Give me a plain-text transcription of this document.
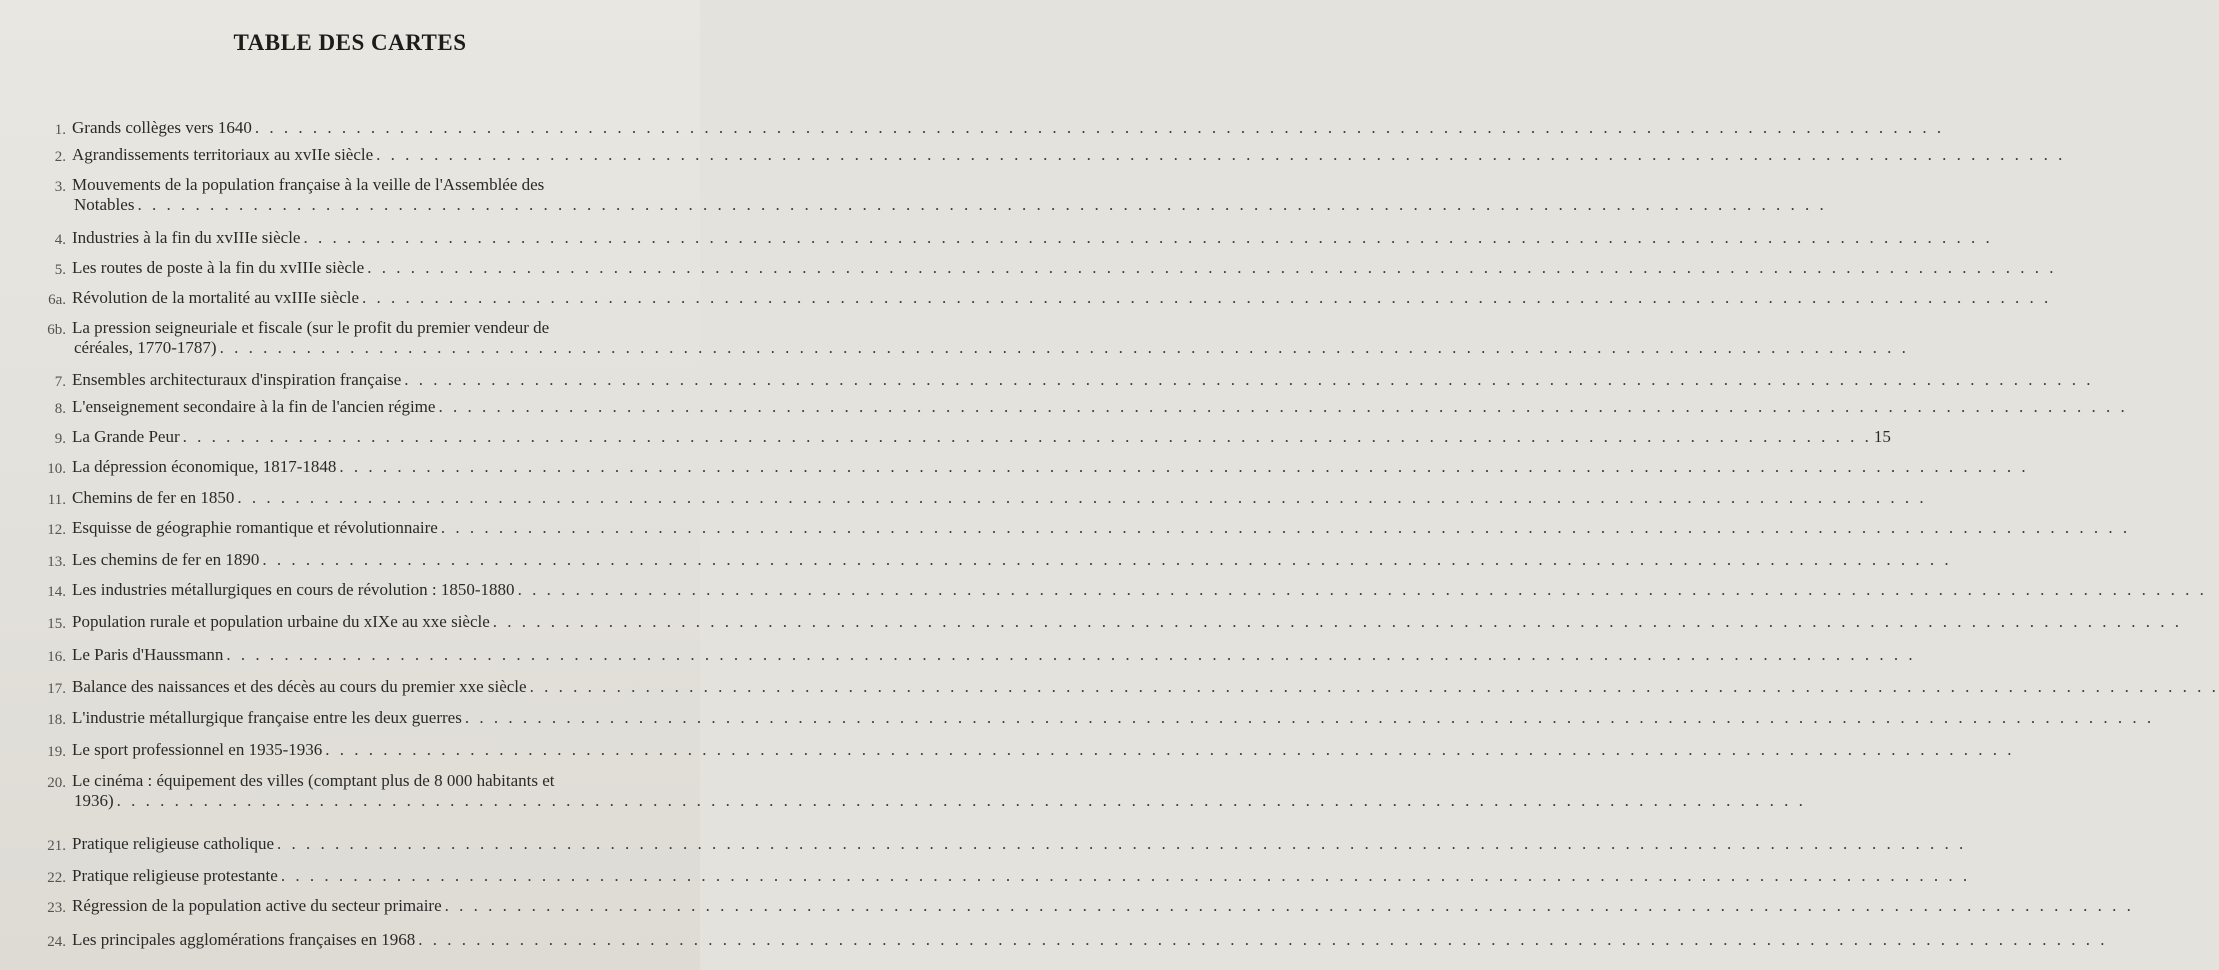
TABLE DES CARTES
1. Grands collèges vers 1640 . . . . . . . . . . . . . . . . . . . . . . . . . . . . . . . . . . . . . . . . . . . . . . . . . . . . . . . . . . . . . . . . . . . . . . . . . . . . . . . . . . . . . . . . . . . . . . . . . . . . . . . . . . . . . . . . . . . . .
2. Agrandissements territoriaux au xvIIe siècle . . . . . . . . . . . . . . . . . . . . . . . . . . . . . . . . . . . . . . . . . . . . . . . . . . . . . . . . . . . . . . . . . . . . . . . . . . . . . . . . . . . . . . . . . . . . . . . . . . . . . . . . . . . . . . . . . . . . .
3. Mouvements de la population française à la veille de l'Assemblée des
Notables . . . . . . . . . . . . . . . . . . . . . . . . . . . . . . . . . . . . . . . . . . . . . . . . . . . . . . . . . . . . . . . . . . . . . . . . . . . . . . . . . . . . . . . . . . . . . . . . . . . . . . . . . . . . . . . . . . . . .
4. Industries à la fin du xvIIIe siècle . . . . . . . . . . . . . . . . . . . . . . . . . . . . . . . . . . . . . . . . . . . . . . . . . . . . . . . . . . . . . . . . . . . . . . . . . . . . . . . . . . . . . . . . . . . . . . . . . . . . . . . . . . . . . . . . . . . . .
5. Les routes de poste à la fin du xvIIIe siècle . . . . . . . . . . . . . . . . . . . . . . . . . . . . . . . . . . . . . . . . . . . . . . . . . . . . . . . . . . . . . . . . . . . . . . . . . . . . . . . . . . . . . . . . . . . . . . . . . . . . . . . . . . . . . . . . . . . . .
6a. Révolution de la mortalité au vxIIIe siècle . . . . . . . . . . . . . . . . . . . . . . . . . . . . . . . . . . . . . . . . . . . . . . . . . . . . . . . . . . . . . . . . . . . . . . . . . . . . . . . . . . . . . . . . . . . . . . . . . . . . . . . . . . . . . . . . . . . . .
6b. La pression seigneuriale et fiscale (sur le profit du premier vendeur de
céréales, 1770-1787) . . . . . . . . . . . . . . . . . . . . . . . . . . . . . . . . . . . . . . . . . . . . . . . . . . . . . . . . . . . . . . . . . . . . . . . . . . . . . . . . . . . . . . . . . . . . . . . . . . . . . . . . . . . . . . . . . . . . .
7. Ensembles architecturaux d'inspiration française . . . . . . . . . . . . . . . . . . . . . . . . . . . . . . . . . . . . . . . . . . . . . . . . . . . . . . . . . . . . . . . . . . . . . . . . . . . . . . . . . . . . . . . . . . . . . . . . . . . . . . . . . . . . . . . . . . . . .
8. L'enseignement secondaire à la fin de l'ancien régime . . . . . . . . . . . . . . . . . . . . . . . . . . . . . . . . . . . . . . . . . . . . . . . . . . . . . . . . . . . . . . . . . . . . . . . . . . . . . . . . . . . . . . . . . . . . . . . . . . . . . . . . . . . . . . . . . . . . .
9. La Grande Peur . . . . . . . . . . . . . . . . . . . . . . . . . . . . . . . . . . . . . . . . . . . . . . . . . . . . . . . . . . . . . . . . . . . . . . . . . . . . . . . . . . . . . . . . . . . . . . . . . . . . . . . . . . . . . . . . . . . . . 15
10. La dépression économique, 1817-1848 . . . . . . . . . . . . . . . . . . . . . . . . . . . . . . . . . . . . . . . . . . . . . . . . . . . . . . . . . . . . . . . . . . . . . . . . . . . . . . . . . . . . . . . . . . . . . . . . . . . . . . . . . . . . . . . . . . . . .
11. Chemins de fer en 1850 . . . . . . . . . . . . . . . . . . . . . . . . . . . . . . . . . . . . . . . . . . . . . . . . . . . . . . . . . . . . . . . . . . . . . . . . . . . . . . . . . . . . . . . . . . . . . . . . . . . . . . . . . . . . . . . . . . . . .
12. Esquisse de géographie romantique et révolutionnaire . . . . . . . . . . . . . . . . . . . . . . . . . . . . . . . . . . . . . . . . . . . . . . . . . . . . . . . . . . . . . . . . . . . . . . . . . . . . . . . . . . . . . . . . . . . . . . . . . . . . . . . . . . . . . . . . . . . . .
13. Les chemins de fer en 1890 . . . . . . . . . . . . . . . . . . . . . . . . . . . . . . . . . . . . . . . . . . . . . . . . . . . . . . . . . . . . . . . . . . . . . . . . . . . . . . . . . . . . . . . . . . . . . . . . . . . . . . . . . . . . . . . . . . . . .
14. Les industries métallurgiques en cours de révolution : 1850-1880 . . . . . . . . . . . . . . . . . . . . . . . . . . . . . . . . . . . . . . . . . . . . . . . . . . . . . . . . . . . . . . . . . . . . . . . . . . . . . . . . . . . . . . . . . . . . . . . . . . . . . . . . . . . . . . . . . . . . .
15. Population rurale et population urbaine du xIXe au xxe siècle . . . . . . . . . . . . . . . . . . . . . . . . . . . . . . . . . . . . . . . . . . . . . . . . . . . . . . . . . . . . . . . . . . . . . . . . . . . . . . . . . . . . . . . . . . . . . . . . . . . . . . . . . . . . . . . . . . . . .
16. Le Paris d'Haussmann . . . . . . . . . . . . . . . . . . . . . . . . . . . . . . . . . . . . . . . . . . . . . . . . . . . . . . . . . . . . . . . . . . . . . . . . . . . . . . . . . . . . . . . . . . . . . . . . . . . . . . . . . . . . . . . . . . . . .
17. Balance des naissances et des décès au cours du premier xxe siècle . . . . . . . . . . . . . . . . . . . . . . . . . . . . . . . . . . . . . . . . . . . . . . . . . . . . . . . . . . . . . . . . . . . . . . . . . . . . . . . . . . . . . . . . . . . . . . . . . . . . . . . . . . . . . . . . . . . . .
18. L'industrie métallurgique française entre les deux guerres . . . . . . . . . . . . . . . . . . . . . . . . . . . . . . . . . . . . . . . . . . . . . . . . . . . . . . . . . . . . . . . . . . . . . . . . . . . . . . . . . . . . . . . . . . . . . . . . . . . . . . . . . . . . . . . . . . . . .
19. Le sport professionnel en 1935-1936 . . . . . . . . . . . . . . . . . . . . . . . . . . . . . . . . . . . . . . . . . . . . . . . . . . . . . . . . . . . . . . . . . . . . . . . . . . . . . . . . . . . . . . . . . . . . . . . . . . . . . . . . . . . . . . . . . . . . .
20. Le cinéma : équipement des villes (comptant plus de 8 000 habitants et
1936) . . . . . . . . . . . . . . . . . . . . . . . . . . . . . . . . . . . . . . . . . . . . . . . . . . . . . . . . . . . . . . . . . . . . . . . . . . . . . . . . . . . . . . . . . . . . . . . . . . . . . . . . . . . . . . . . . . . . .
21. Pratique religieuse catholique . . . . . . . . . . . . . . . . . . . . . . . . . . . . . . . . . . . . . . . . . . . . . . . . . . . . . . . . . . . . . . . . . . . . . . . . . . . . . . . . . . . . . . . . . . . . . . . . . . . . . . . . . . . . . . . . . . . . .
22. Pratique religieuse protestante . . . . . . . . . . . . . . . . . . . . . . . . . . . . . . . . . . . . . . . . . . . . . . . . . . . . . . . . . . . . . . . . . . . . . . . . . . . . . . . . . . . . . . . . . . . . . . . . . . . . . . . . . . . . . . . . . . . . .
23. Régression de la population active du secteur primaire . . . . . . . . . . . . . . . . . . . . . . . . . . . . . . . . . . . . . . . . . . . . . . . . . . . . . . . . . . . . . . . . . . . . . . . . . . . . . . . . . . . . . . . . . . . . . . . . . . . . . . . . . . . . . . . . . . . . .
24. Les principales agglomérations françaises en 1968 . . . . . . . . . . . . . . . . . . . . . . . . . . . . . . . . . . . . . . . . . . . . . . . . . . . . . . . . . . . . . . . . . . . . . . . . . . . . . . . . . . . . . . . . . . . . . . . . . . . . . . . . . . . . . . . . . . . . .
